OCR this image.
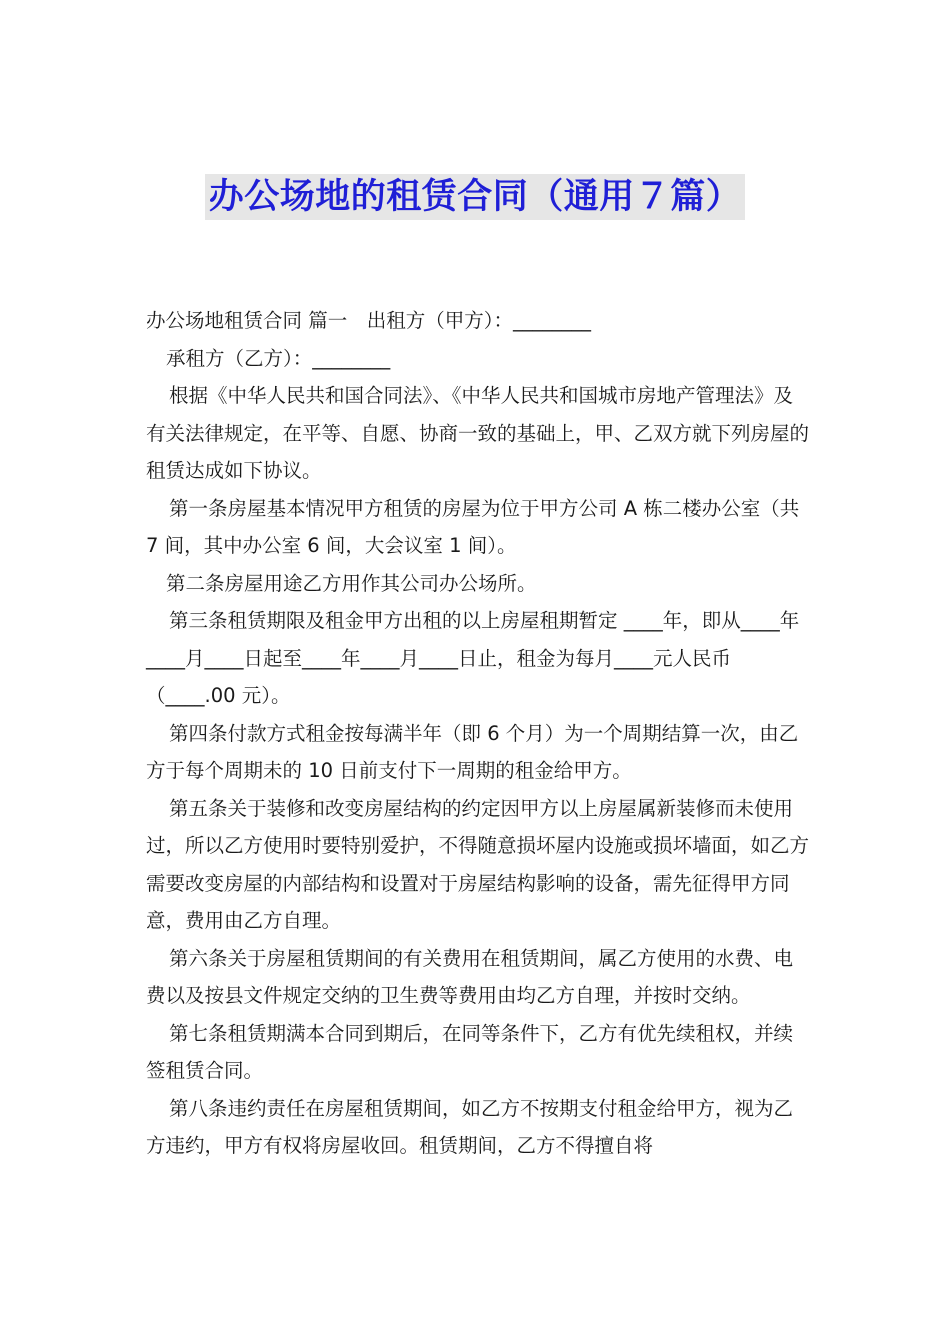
办公场地的租赁合同（通用７篇）

办公场地租赁合同 篇一　出租方（甲方）：________

承租方（乙方）：________

根据《中华人民共和国合同法》、《中华人民共和国城市房地产管理法》及有关法律规定，在平等、自愿、协商一致的基础上，甲、乙双方就下列房屋的租赁达成如下协议。

第一条房屋基本情况甲方租赁的房屋为位于甲方公司 A 栋二楼办公室（共 7 间，其中办公室 6 间，大会议室 1 间）。

第二条房屋用途乙方用作其公司办公场所。

第三条租赁期限及租金甲方出租的以上房屋租期暂定 ____年，即从____年____月____日起至____年____月____日止，租金为每月____元人民币（____.00 元）。

第四条付款方式租金按每满半年（即 6 个月）为一个周期结算一次，由乙方于每个周期未的 10 日前支付下一周期的租金给甲方。

第五条关于装修和改变房屋结构的约定因甲方以上房屋属新装修而未使用过，所以乙方使用时要特别爱护，不得随意损坏屋内设施或损坏墙面，如乙方需要改变房屋的内部结构和设置对于房屋结构影响的设备，需先征得甲方同意，费用由乙方自理。

第六条关于房屋租赁期间的有关费用在租赁期间，属乙方使用的水费、电费以及按县文件规定交纳的卫生费等费用由均乙方自理，并按时交纳。

第七条租赁期满本合同到期后，在同等条件下，乙方有优先续租权，并续签租赁合同。

第八条违约责任在房屋租赁期间，如乙方不按期支付租金给甲方，视为乙方违约，甲方有权将房屋收回。租赁期间，乙方不得擅自将
